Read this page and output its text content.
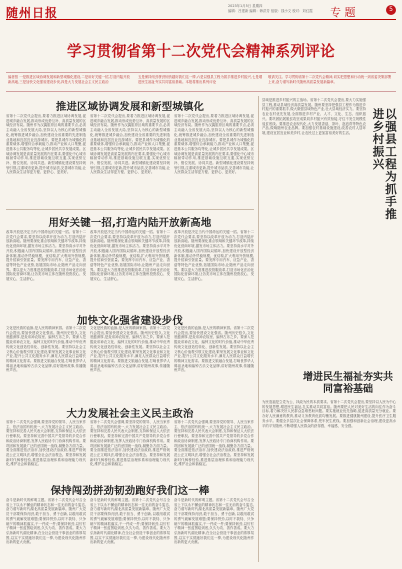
随州日报	2023年1月5日 星期四
编辑：吕建新 编辑：韩洪芳 组版：钱小文 校对：刘红霞 专 题	5
学习贯彻省第十二次党代会精神系列评论
编者按 一是推进区域协调发展和新型城镇化建设,二是用好关键一招,打造内陆开放新高地,三是加快文化强省建设步伐,四是大力发展社会主义民主政治
五是保持闯劲拼劲韧劲越好我们这一棒,六是以强县工程为抓手推进乡村振兴,七是增进民生福祉夯实共同富裕基础。本报将推出系列评论
敬请关注。学习贯彻省第十二次党代会精神,切实把思想和行动统一到省委决策部署上来,奋力谱写新时代随州高质量发展新篇章。
以强县工程为抓手推进乡村振兴
县域是推进乡村振兴的主战场。省第十二次党代会提出,要大力实施强县工程,推动县域经济高质量发展。随州要坚持把强县工程作为推进乡村振兴的重要抓手,做大做强县域特色产业,壮大县域经济实力。要坚持农业农村优先发展,全面推进乡村产业、人才、文化、生态、组织振兴。要巩固拓展脱贫攻坚成果同乡村振兴有效衔接,守住不发生规模性返贫底线。要推进农业现代化,大力发展香菇、茶叶、泡泡青等特色农产品,做响随州农业品牌。要加强农村基础设施建设,改善农村人居环境,建设宜居宜业和美乡村,让农民过上更加富裕美好的生活。
推进区域协调发展和新型城镇化
省第十二次党代会提出,要着力推进区域协调发展,促进城乡融合发展,推动形成优势互补、高质量发展的区域经济布局。随州作为汉襄肱骨区域的重要节点,必须主动融入全省发展大局,坚持以人为核心的新型城镇化,统筹推进城乡融合,加快建设全省重要的先进制造业基地和宜居宜业宜游城市。要把县城作为城镇化的重要载体,增强综合承载能力,推动产业和人口集聚,促进基本公共服务均等化,让城乡居民共享发展成果。区域协调发展是高质量发展的内在要求,要强化中心城市辐射带动作用,推进基础设施互联互通,实现优势互补、错位发展、协同共进。新型城镇化建设要坚持规划引领,注重城市更新,提升城市品质,完善城市功能,让人民群众生活得更方便、更舒心、更美好。
省第十二次党代会提出,要着力推进区域协调发展,促进城乡融合发展,推动形成优势互补、高质量发展的区域经济布局。随州作为汉襄肱骨区域的重要节点,必须主动融入全省发展大局,坚持以人为核心的新型城镇化,统筹推进城乡融合,加快建设全省重要的先进制造业基地和宜居宜业宜游城市。要把县城作为城镇化的重要载体,增强综合承载能力,推动产业和人口集聚,促进基本公共服务均等化,让城乡居民共享发展成果。区域协调发展是高质量发展的内在要求,要强化中心城市辐射带动作用,推进基础设施互联互通,实现优势互补、错位发展、协同共进。新型城镇化建设要坚持规划引领,注重城市更新,提升城市品质,完善城市功能,让人民群众生活得更方便、更舒心、更美好。
省第十二次党代会提出,要着力推进区域协调发展,促进城乡融合发展,推动形成优势互补、高质量发展的区域经济布局。随州作为汉襄肱骨区域的重要节点,必须主动融入全省发展大局,坚持以人为核心的新型城镇化,统筹推进城乡融合,加快建设全省重要的先进制造业基地和宜居宜业宜游城市。要把县城作为城镇化的重要载体,增强综合承载能力,推动产业和人口集聚,促进基本公共服务均等化,让城乡居民共享发展成果。区域协调发展是高质量发展的内在要求,要强化中心城市辐射带动作用,推进基础设施互联互通,实现优势互补、错位发展、协同共进。新型城镇化建设要坚持规划引领,注重城市更新,提升城市品质,完善城市功能,让人民群众生活得更方便、更舒心、更美好。
用好关键一招,打造内陆开放新高地
改革开放是决定当代中国命运的关键一招。省第十二次党代会要求,要坚持以改革开放为动力,打造内陆开放新高地。随州要深化重点领域和关键环节改革,持续优化营商环境,激发市场主体活力。要坚持高水平对外开放,积极融入国内国际双循环,加快建设开放型经济新体制,推动外贸稳规模、优结构,扩大利用外资规模,提升招商引资质量。要发挥专用汽车、应急产业、香菇等特色产业优势,拓展国际市场,让随州产品走向世界。要以更大力度推进放管服改革,打造市场化法治化国际化营商环境,让各类市场主体在随州投资放心、发展安心、生活舒心。
改革开放是决定当代中国命运的关键一招。省第十二次党代会要求,要坚持以改革开放为动力,打造内陆开放新高地。随州要深化重点领域和关键环节改革,持续优化营商环境,激发市场主体活力。要坚持高水平对外开放,积极融入国内国际双循环,加快建设开放型经济新体制,推动外贸稳规模、优结构,扩大利用外资规模,提升招商引资质量。要发挥专用汽车、应急产业、香菇等特色产业优势,拓展国际市场,让随州产品走向世界。要以更大力度推进放管服改革,打造市场化法治化国际化营商环境,让各类市场主体在随州投资放心、发展安心、生活舒心。
改革开放是决定当代中国命运的关键一招。省第十二次党代会要求,要坚持以改革开放为动力,打造内陆开放新高地。随州要深化重点领域和关键环节改革,持续优化营商环境,激发市场主体活力。要坚持高水平对外开放,积极融入国内国际双循环,加快建设开放型经济新体制,推动外贸稳规模、优结构,扩大利用外资规模,提升招商引资质量。要发挥专用汽车、应急产业、香菇等特色产业优势,拓展国际市场,让随州产品走向世界。要以更大力度推进放管服改革,打造市场化法治化国际化营商环境,让各类市场主体在随州投资放心、发展安心、生活舒心。
加快文化强省建设步伐
文化是民族的血脉,是人民的精神家园。省第十二次党代会提出,要加快建设文化强省。随州历史悠久,文化底蕴深厚,是炎帝神农故里、编钟古乐之乡。要深入挖掘炎帝神农文化、编钟文化的时代价值,推动中华优秀传统文化创造性转化、创新性发展。要坚持以社会主义核心价值观引领文化建设,繁荣发展文化事业和文化产业,提升公共文化服务水平,满足人民群众日益增长的精神文化需求。要推进文旅融合发展,打响世界华人谒祖圣地和编钟古乐文化品牌,讲好随州故事,传播随州声音。
文化是民族的血脉,是人民的精神家园。省第十二次党代会提出,要加快建设文化强省。随州历史悠久,文化底蕴深厚,是炎帝神农故里、编钟古乐之乡。要深入挖掘炎帝神农文化、编钟文化的时代价值,推动中华优秀传统文化创造性转化、创新性发展。要坚持以社会主义核心价值观引领文化建设,繁荣发展文化事业和文化产业,提升公共文化服务水平,满足人民群众日益增长的精神文化需求。要推进文旅融合发展,打响世界华人谒祖圣地和编钟古乐文化品牌,讲好随州故事,传播随州声音。
文化是民族的血脉,是人民的精神家园。省第十二次党代会提出,要加快建设文化强省。随州历史悠久,文化底蕴深厚,是炎帝神农故里、编钟古乐之乡。要深入挖掘炎帝神农文化、编钟文化的时代价值,推动中华优秀传统文化创造性转化、创新性发展。要坚持以社会主义核心价值观引领文化建设,繁荣发展文化事业和文化产业,提升公共文化服务水平,满足人民群众日益增长的精神文化需求。要推进文旅融合发展,打响世界华人谒祖圣地和编钟古乐文化品牌,讲好随州故事,传播随州声音。
大力发展社会主义民主政治
省第十二次党代会强调,要坚持党的领导、人民当家作主、依法治国有机统一,大力发展社会主义民主政治。要坚持和完善人民代表大会制度,支持和保证人大依法行使职权。要坚持和完善中国共产党领导的多党合作和政治协商制度,发挥人民政协专门协商机构作用。要巩固和发展最广泛的爱国统一战线,凝聚各方面力量。要全面推进依法治市,加快建设法治政府,推进严格规范公正文明执法,增强全社会法治观念。要坚持和发展新时代枫桥经验,推进基层治理体系和治理能力现代化,维护社会和谐稳定。
省第十二次党代会强调,要坚持党的领导、人民当家作主、依法治国有机统一,大力发展社会主义民主政治。要坚持和完善人民代表大会制度,支持和保证人大依法行使职权。要坚持和完善中国共产党领导的多党合作和政治协商制度,发挥人民政协专门协商机构作用。要巩固和发展最广泛的爱国统一战线,凝聚各方面力量。要全面推进依法治市,加快建设法治政府,推进严格规范公正文明执法,增强全社会法治观念。要坚持和发展新时代枫桥经验,推进基层治理体系和治理能力现代化,维护社会和谐稳定。
省第十二次党代会强调,要坚持党的领导、人民当家作主、依法治国有机统一,大力发展社会主义民主政治。要坚持和完善人民代表大会制度,支持和保证人大依法行使职权。要坚持和完善中国共产党领导的多党合作和政治协商制度,发挥人民政协专门协商机构作用。要巩固和发展最广泛的爱国统一战线,凝聚各方面力量。要全面推进依法治市,加快建设法治政府,推进严格规范公正文明执法,增强全社会法治观念。要坚持和发展新时代枫桥经验,推进基层治理体系和治理能力现代化,维护社会和谐稳定。
保持闯劲拼劲韧劲跑好我们这一棒
奋斗是新时代的鲜明主题。省第十二次党代会号召全省上下以永不懈怠的精神状态和一往无前的奋斗姿态,奋力谱写新时代湖北高质量发展新篇章。随州广大党员干部要保持闯劲,敢于担当、勇于创新,以敢闯敢试的勇气破解发展难题;要保持拼劲,以时不我待、只争朝夕的精神抓落实,干一件成一件;要保持韧劲,以钉钉子精神一张蓝图绘到底,久久为功、善作善成。要大力弘扬新时代湖北精神,在全社会营造干事创业的浓厚氛围,以实干实绩跑好我们这一棒,为建设现代化随州作出新的更大贡献。
奋斗是新时代的鲜明主题。省第十二次党代会号召全省上下以永不懈怠的精神状态和一往无前的奋斗姿态,奋力谱写新时代湖北高质量发展新篇章。随州广大党员干部要保持闯劲,敢于担当、勇于创新,以敢闯敢试的勇气破解发展难题;要保持拼劲,以时不我待、只争朝夕的精神抓落实,干一件成一件;要保持韧劲,以钉钉子精神一张蓝图绘到底,久久为功、善作善成。要大力弘扬新时代湖北精神,在全社会营造干事创业的浓厚氛围,以实干实绩跑好我们这一棒,为建设现代化随州作出新的更大贡献。
奋斗是新时代的鲜明主题。省第十二次党代会号召全省上下以永不懈怠的精神状态和一往无前的奋斗姿态,奋力谱写新时代湖北高质量发展新篇章。随州广大党员干部要保持闯劲,敢于担当、勇于创新,以敢闯敢试的勇气破解发展难题;要保持拼劲,以时不我待、只争朝夕的精神抓落实,干一件成一件;要保持韧劲,以钉钉子精神一张蓝图绘到底,久久为功、善作善成。要大力弘扬新时代湖北精神,在全社会营造干事创业的浓厚氛围,以实干实绩跑好我们这一棒,为建设现代化随州作出新的更大贡献。
增进民生福祉夯实共同富裕基础
为民造福是立党为公、执政为民的本质要求。省第十二次党代会提出,要坚持以人民为中心的发展思想,增进民生福祉,扎实推动共同富裕。随州要把人民对美好生活的向往作为奋斗目标,着力解决好人民群众急难愁盼问题。要实施就业优先战略,促进高质量充分就业。要办好人民满意的教育,推动义务教育优质均衡发展。要推进健康随州建设,提升医疗卫生服务水平。要健全多层次社会保障体系,兜牢民生底线。要加强和创新社会治理,建设更高水平的平安随州,不断增强人民群众的获得感、幸福感、安全感。
